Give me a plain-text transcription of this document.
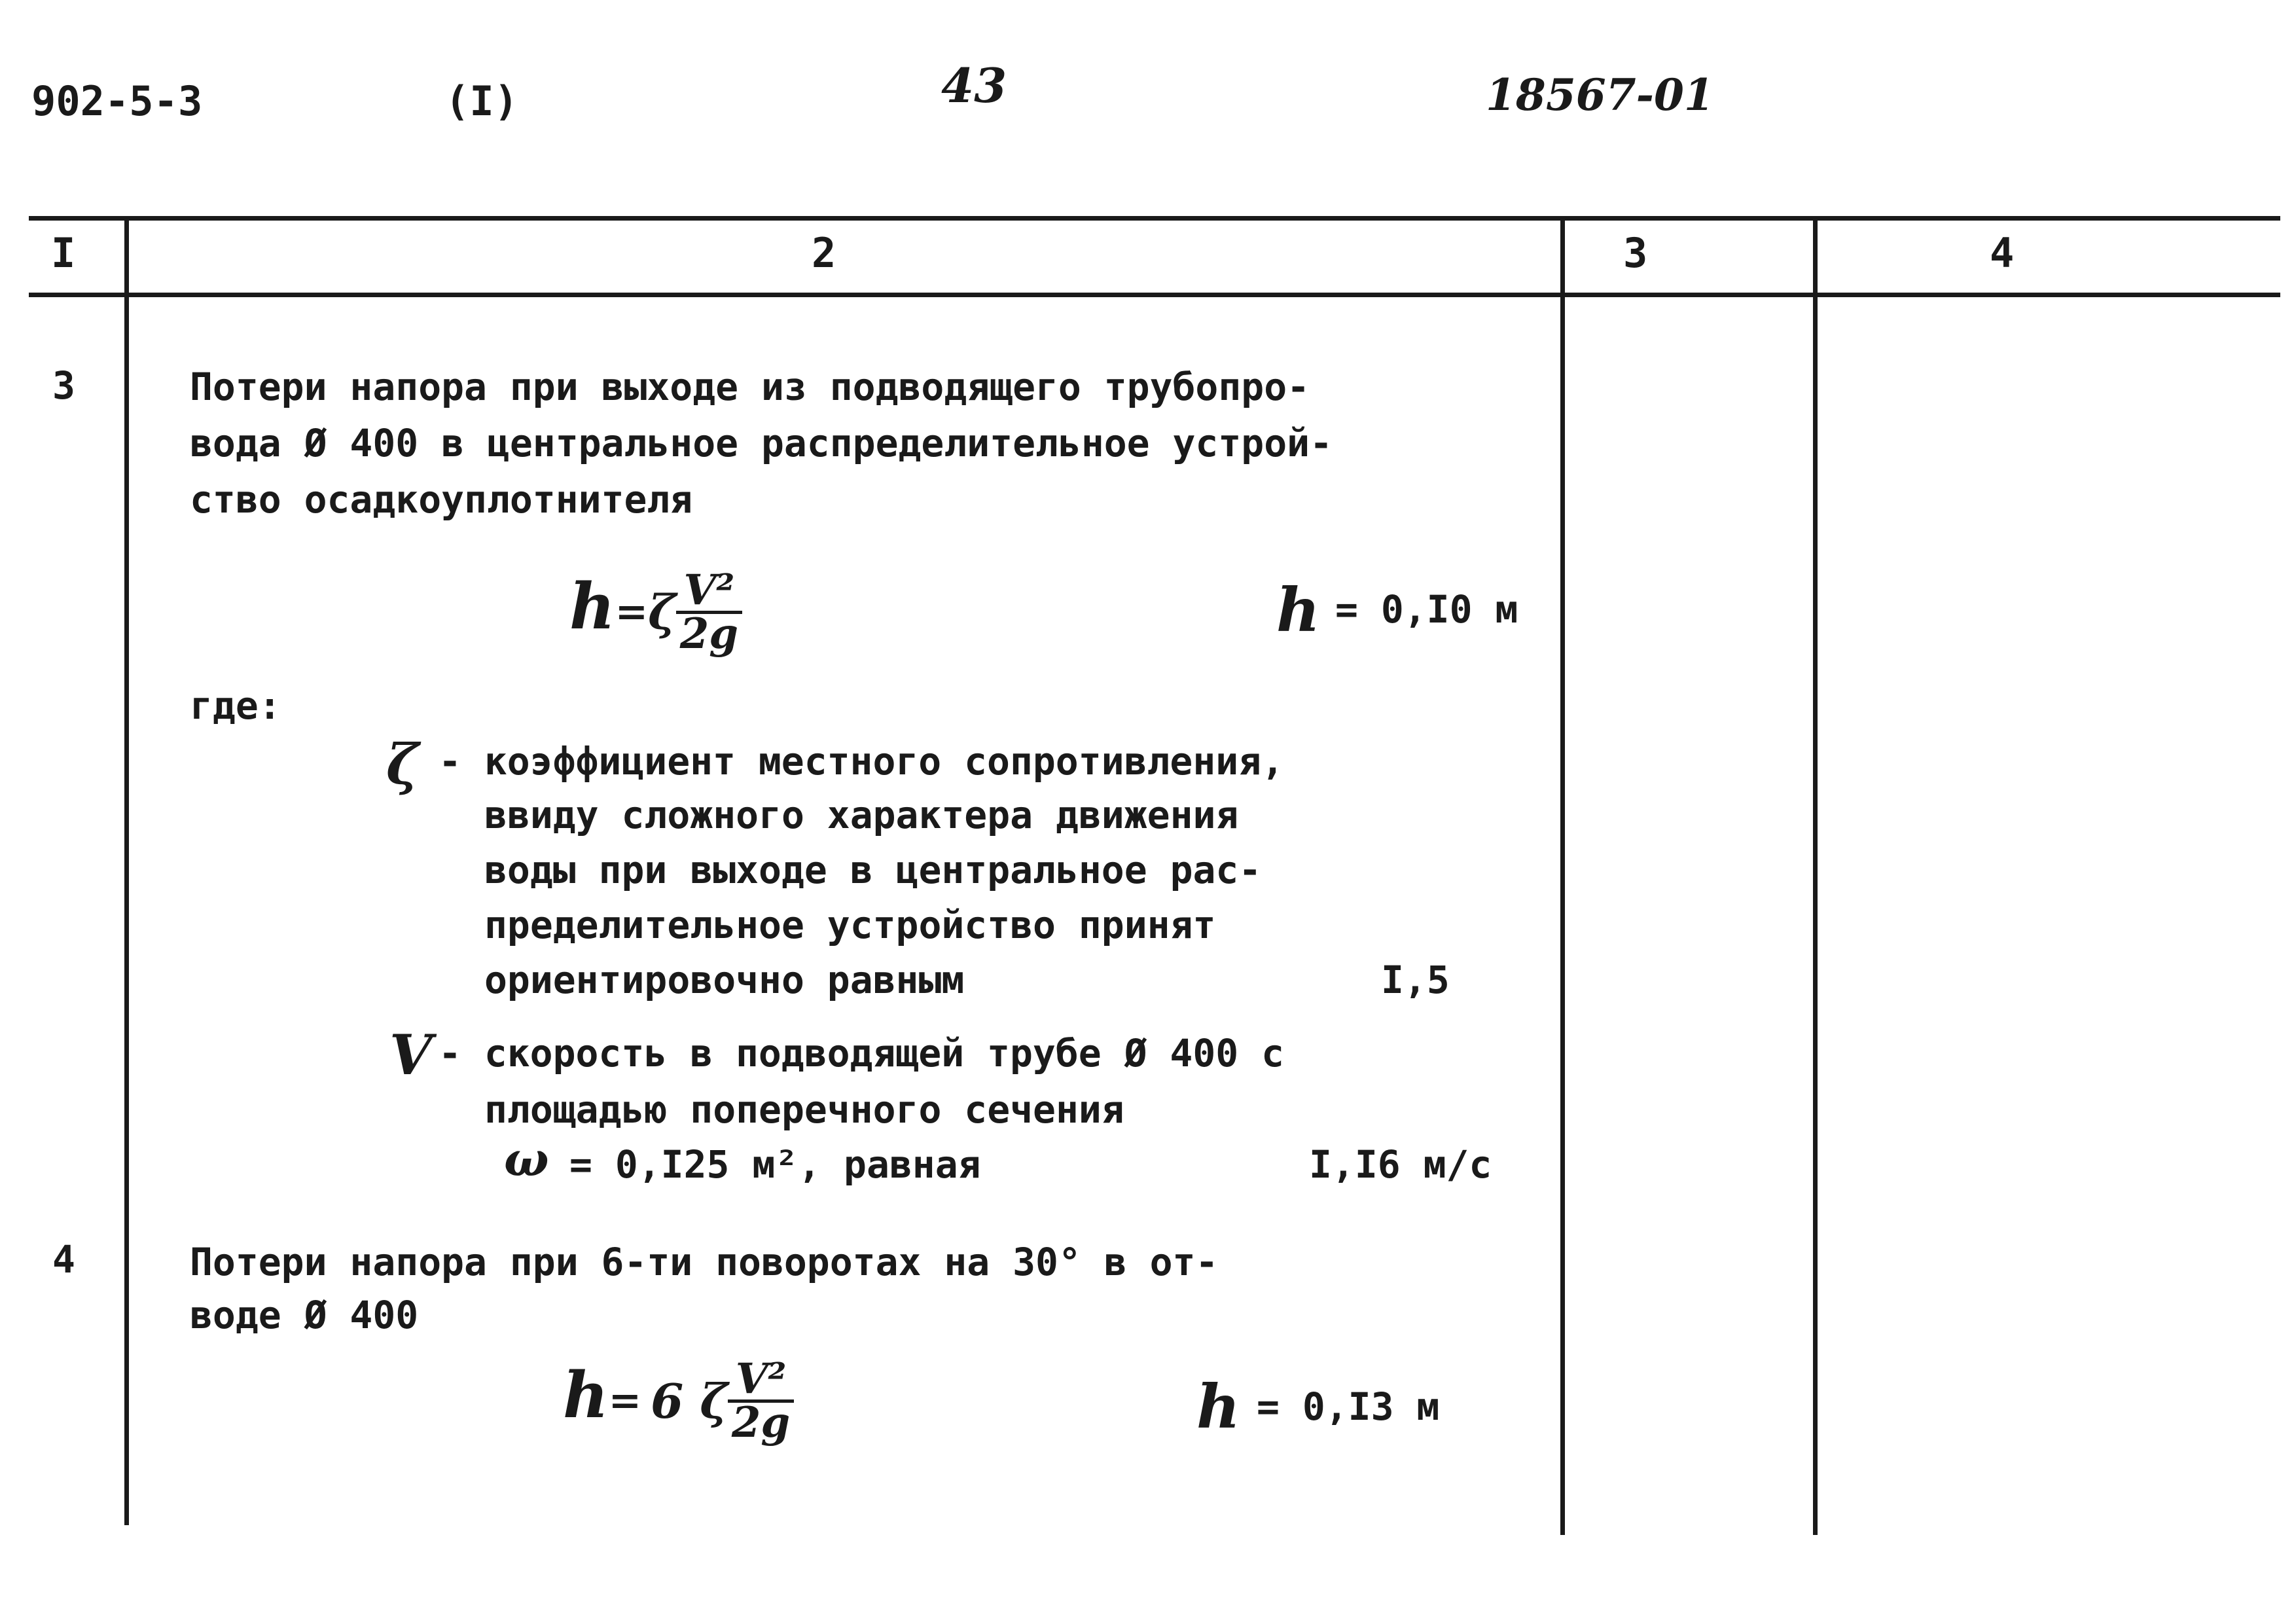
902-5-3	(I)	43	18567-01
I	2	3	4
3	Потери напора при выходе из подводящего трубопро-
вода Ø 400 в центральное распределительное устрой-
ство осадкоуплотнителя
$h=\zeta \frac{\text{V²}}{2g}$	h = 0,I0 м
где:
ζ - коэффициент местного сопротивления,
ввиду сложного характера движения
воды при выходе в центральное рас-
пределительное устройство принят
ориентировочно равным	I,5
V - скорость в подводящей трубе Ø 400 с
площадью поперечного сечения
ω = 0,I25 м², равная	I,I6 м/с
4	Потери напора при 6-ти поворотах на 30° в от-
воде Ø 400
h= 6 ζ $\frac{\text{V²}}{2g}$	h = 0,I3 м
